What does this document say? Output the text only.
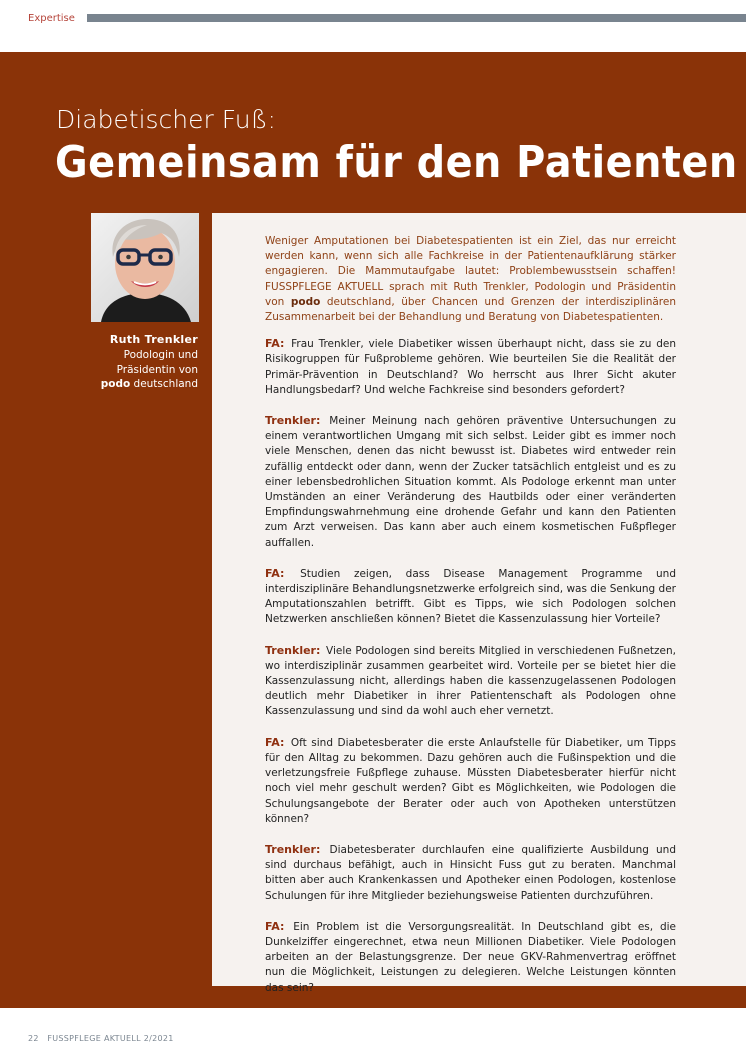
Expertise
Diabetischer Fuß:
Gemeinsam für den Patienten
Ruth Trenkler
Podologin und
Präsidentin von
podo deutschland

Weniger Amputationen bei Diabetespatienten ist ein Ziel, das nur erreicht werden kann, wenn sich alle Fachkreise in der Patientenaufklärung stärker engagieren. Die Mammutaufgabe lautet: Problembewusstsein schaffen! FUSSPFLEGE AKTUELL sprach mit Ruth Trenkler, Podologin und Präsidentin von podo deutschland, über Chancen und Grenzen der interdisziplinären Zusammenarbeit bei der Behandlung und Beratung von Diabetespatienten.

FA: Frau Trenkler, viele Diabetiker wissen überhaupt nicht, dass sie zu den Risikogruppen für Fußprobleme gehören. Wie beurteilen Sie die Realität der Primär-Prävention in Deutschland? Wo herrscht aus Ihrer Sicht akuter Handlungsbedarf? Und welche Fachkreise sind besonders gefordert?

Trenkler: Meiner Meinung nach gehören präventive Untersuchungen zu einem verantwortlichen Umgang mit sich selbst. Leider gibt es immer noch viele Menschen, denen das nicht bewusst ist. Diabetes wird entweder rein zufällig entdeckt oder dann, wenn der Zucker tatsächlich entgleist und es zu einer lebensbedrohlichen Situation kommt. Als Podologe erkennt man unter Umständen an einer Veränderung des Hautbilds oder einer veränderten Empfindungswahrnehmung eine drohende Gefahr und kann den Patienten zum Arzt verweisen. Das kann aber auch einem kosmetischen Fußpfleger auffallen.

FA: Studien zeigen, dass Disease Management Programme und interdisziplinäre Behandlungsnetzwerke erfolgreich sind, was die Senkung der Amputationszahlen betrifft. Gibt es Tipps, wie sich Podologen solchen Netzwerken anschließen können? Bietet die Kassenzulassung hier Vorteile?

Trenkler: Viele Podologen sind bereits Mitglied in verschiedenen Fußnetzen, wo interdisziplinär zusammen gearbeitet wird. Vorteile per se bietet hier die Kassenzulassung nicht, allerdings haben die kassenzugelassenen Podologen deutlich mehr Diabetiker in ihrer Patientenschaft als Podologen ohne Kassenzulassung und sind da wohl auch eher vernetzt.

FA: Oft sind Diabetesberater die erste Anlaufstelle für Diabetiker, um Tipps für den Alltag zu bekommen. Dazu gehören auch die Fußinspektion und die verletzungsfreie Fußpflege zuhause. Müssten Diabetesberater hierfür nicht noch viel mehr geschult werden? Gibt es Möglichkeiten, wie Podologen die Schulungsangebote der Berater oder auch von Apotheken unterstützen können?

Trenkler: Diabetesberater durchlaufen eine qualifizierte Ausbildung und sind durchaus befähigt, auch in Hinsicht Fuss gut zu beraten. Manchmal bitten aber auch Krankenkassen und Apotheker einen Podologen, kostenlose Schulungen für ihre Mitglieder beziehungsweise Patienten durchzuführen.

FA: Ein Problem ist die Versorgungsrealität. In Deutschland gibt es, die Dunkelziffer eingerechnet, etwa neun Millionen Diabetiker. Viele Podologen arbeiten an der Belastungsgrenze. Der neue GKV-Rahmenvertrag eröffnet nun die Möglichkeit, Leistungen zu delegieren. Welche Leistungen könnten das sein?

22 FUSSPFLEGE AKTUELL 2/2021
